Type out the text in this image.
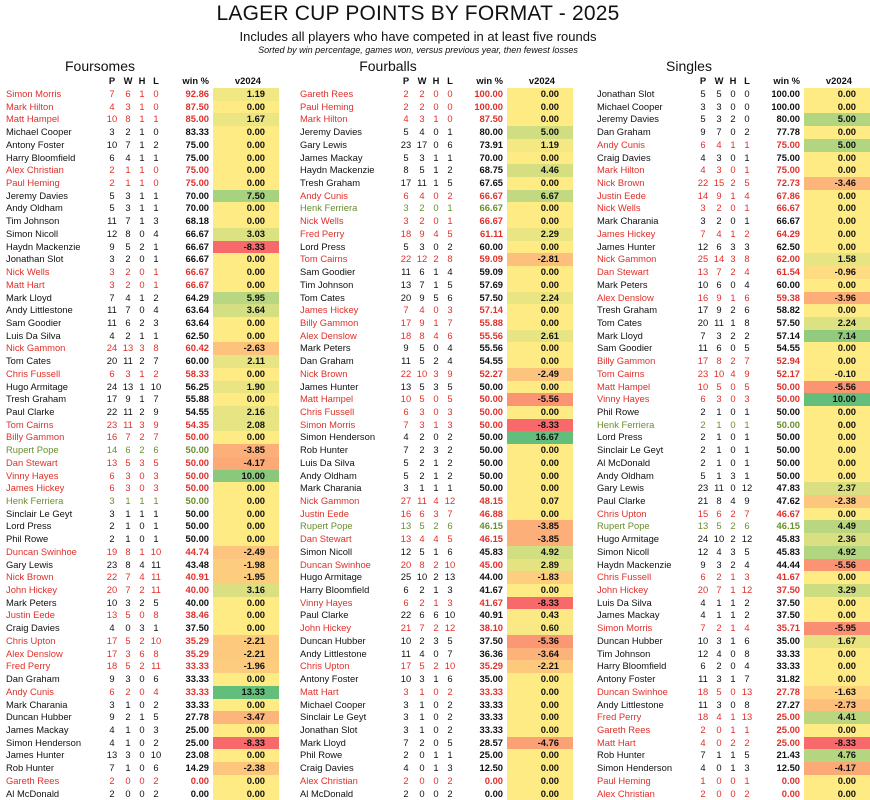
LAGER CUP POINTS BY FORMAT - 2025
Includes all players who have competed in at least five rounds
Sorted by win percentage, games won, versus previous year, then fewest losses
Foursomes	Fourballs	Singles
P W H L	win %	v2024
Simon Morris	7	6 1 0	92.86	1.19
Mark Hilton	4	3 1 0	87.50	0.00
Matt Hampel	10 8 1 1	85.00	1.67
Michael Cooper	3	2 1 0	83.33	0.00
Antony Foster	10 7 1 2	75.00	0.00
Harry Bloomfield	6	4 1 1	75.00	0.00
Alex Christian	2	1 1 0	75.00	0.00
Paul Heming	2	1 1 0	75.00	0.00
Jeremy Davies	5	3 1 1	70.00	7.50
Andy Oldham	5	3 1 1	70.00	0.00
Tim Johnson	11 7 1 3	68.18	0.00
Simon Nicoll	12 8 0 4	66.67	3.03
Haydn Mackenzie	9	5 2 1	66.67	-8.33
Jonathan Slot	3	2 0 1	66.67	0.00
Nick Wells	3	2 0 1	66.67	0.00
Matt Hart	3	2 0 1	66.67	0.00
Mark Lloyd	7	4 1 2	64.29	5.95
Andy Littlestone	11 7 0 4	63.64	3.64
Sam Goodier	11 6 2 3	63.64	0.00
Luis Da Silva	4	2 1 1	62.50	0.00
Nick Gammon	24 13 3 8	60.42	-2.63
Tom Cates	20 11 2 7	60.00	2.11
Chris Fussell	6	3 1 2	58.33	0.00
Hugo Armitage	24 13 1 10	56.25	1.90
Tresh Graham	17 9 1 7	55.88	0.00
Paul Clarke	22 11 2 9	54.55	2.16
Tom Cairns	23 11 3 9	54.35	2.08
Billy Gammon	16 7 2 7	50.00	0.00
Rupert Pope	14 6 2 6	50.00	-3.85
Dan Stewart	13 5 3 5	50.00	-4.17
Vinny Hayes	6	3 0 3	50.00	10.00
James Hickey	6	3 0 3	50.00	0.00
Henk Ferriera	3	1 1 1	50.00	0.00
Sinclair Le Geyt	3	1 1 1	50.00	0.00
Lord Press	2	1 0 1	50.00	0.00
Phil Rowe	2	1 0 1	50.00	0.00
Duncan Swinhoe	19 8 1 10	44.74	-2.49
Gary Lewis	23 8 4 11	43.48	-1.98
Nick Brown	22 7 4 11	40.91	-1.95
John Hickey	20 7 2 11	40.00	3.16
Mark Peters	10 3 2 5	40.00	0.00
Justin Eede	13 5 0 8	38.46	0.00
Craig Davies	4	0 3 1	37.50	0.00
Chris Upton	17 5 2 10	35.29	-2.21
Alex Denslow	17 3 6 8	35.29	-2.21
Fred Perry	18 5 2 11	33.33	-1.96
Dan Graham	9	3 0 6	33.33	0.00
Andy Cunis	6	2 0 4	33.33	13.33
Mark Charania	3	1 0 2	33.33	0.00
Duncan Hubber	9	2 1 5	27.78	-3.47
James Mackay	4	1 0 3	25.00	0.00
Simon Henderson	4	1 0 2	25.00	-8.33
James Hunter	13 3 0 10	23.08	0.00
Rob Hunter	7	1 0 6	14.29	-2.38
Gareth Rees	2	0 0 2	0.00	0.00
Al McDonald	2	0 0 2	0.00	0.00
P W H L	win %	v2024
Gareth Rees	2	2 0 0	100.00	0.00
Paul Heming	2	2 0 0	100.00	0.00
Mark Hilton	4	3 1 0	87.50	0.00
Jeremy Davies	5	4 0 1	80.00	5.00
Gary Lewis	23 17 0 6	73.91	1.19
James Mackay	5	3 1 1	70.00	0.00
Haydn Mackenzie	8	5 1 2	68.75	4.46
Tresh Graham	17 11 1 5	67.65	0.00
Andy Cunis	6	4 0 2	66.67	6.67
Henk Ferriera	3	2 0 1	66.67	0.00
Nick Wells	3	2 0 1	66.67	0.00
Fred Perry	18 9 4 5	61.11	2.29
Lord Press	5	3 0 2	60.00	0.00
Tom Cairns	22 12 2 8	59.09	-2.81
Sam Goodier	11 6 1 4	59.09	0.00
Tim Johnson	13 7 1 5	57.69	0.00
Tom Cates	20 9 5 6	57.50	2.24
James Hickey	7	4 0 3	57.14	0.00
Billy Gammon	17 9 1 7	55.88	0.00
Alex Denslow	18 8 4 6	55.56	2.61
Mark Peters	9	5 0 4	55.56	0.00
Dan Graham	11 5 2 4	54.55	0.00
Nick Brown	22 10 3 9	52.27	-2.49
James Hunter	13 5 3 5	50.00	0.00
Matt Hampel	10 5 0 5	50.00	-5.56
Chris Fussell	6	3 0 3	50.00	0.00
Simon Morris	7	3 1 3	50.00	-8.33
Simon Henderson	4	2 0 2	50.00	16.67
Rob Hunter	7	2 3 2	50.00	0.00
Luis Da Silva	5	2 1 2	50.00	0.00
Andy Oldham	5	2 1 2	50.00	0.00
Mark Charania	3	1 1 1	50.00	0.00
Nick Gammon	27 11 4 12	48.15	0.07
Justin Eede	16 6 3 7	46.88	0.00
Rupert Pope	13 5 2 6	46.15	-3.85
Dan Stewart	13 4 4 5	46.15	-3.85
Simon Nicoll	12 5 1 6	45.83	4.92
Duncan Swinhoe	20 8 2 10	45.00	2.89
Hugo Armitage	25 10 2 13	44.00	-1.83
Harry Bloomfield	6	2 1 3	41.67	0.00
Vinny Hayes	6	2 1 3	41.67	-8.33
Paul Clarke	22 6 6 10	40.91	0.43
John Hickey	21 7 2 12	38.10	0.60
Duncan Hubber	10 2 3 5	37.50	-5.36
Andy Littlestone	11 4 0 7	36.36	-3.64
Chris Upton	17 5 2 10	35.29	-2.21
Antony Foster	10 3 1 6	35.00	0.00
Matt Hart	3	1 0 2	33.33	0.00
Michael Cooper	3	1 0 2	33.33	0.00
Sinclair Le Geyt	3	1 0 2	33.33	0.00
Jonathan Slot	3	1 0 2	33.33	0.00
Mark Lloyd	7	2 0 5	28.57	-4.76
Phil Rowe	2	0 1 1	25.00	0.00
Craig Davies	4	0 1 3	12.50	0.00
Alex Christian	2	0 0 2	0.00	0.00
Al McDonald	2	0 0 2	0.00	0.00
P W H L	win %	v2024
Jonathan Slot	5	5 0 0	100.00	0.00
Michael Cooper	3	3 0 0	100.00	0.00
Jeremy Davies	5	3 2 0	80.00	5.00
Dan Graham	9	7 0 2	77.78	0.00
Andy Cunis	6	4 1 1	75.00	5.00
Craig Davies	4	3 0 1	75.00	0.00
Mark Hilton	4	3 0 1	75.00	0.00
Nick Brown	22 15 2 5	72.73	-3.46
Justin Eede	14 9 1 4	67.86	0.00
Nick Wells	3	2 0 1	66.67	0.00
Mark Charania	3	2 0 1	66.67	0.00
James Hickey	7	4 1 2	64.29	0.00
James Hunter	12 6 3 3	62.50	0.00
Nick Gammon	25 14 3 8	62.00	1.58
Dan Stewart	13 7 2 4	61.54	-0.96
Mark Peters	10 6 0 4	60.00	0.00
Alex Denslow	16 9 1 6	59.38	-3.96
Tresh Graham	17 9 2 6	58.82	0.00
Tom Cates	20 11 1 8	57.50	2.24
Mark Lloyd	7	3 2 2	57.14	7.14
Sam Goodier	11 6 0 5	54.55	0.00
Billy Gammon	17 8 2 7	52.94	0.00
Tom Cairns	23 10 4 9	52.17	-0.10
Matt Hampel	10 5 0 5	50.00	-5.56
Vinny Hayes	6	3 0 3	50.00	10.00
Phil Rowe	2	1 0 1	50.00	0.00
Henk Ferriera	2	1 0 1	50.00	0.00
Lord Press	2	1 0 1	50.00	0.00
Sinclair Le Geyt	2	1 0 1	50.00	0.00
Al McDonald	2	1 0 1	50.00	0.00
Andy Oldham	5	1 3 1	50.00	0.00
Gary Lewis	23 11 0 12	47.83	2.37
Paul Clarke	21 8 4 9	47.62	-2.38
Chris Upton	15 6 2 7	46.67	0.00
Rupert Pope	13 5 2 6	46.15	4.49
Hugo Armitage	24 10 2 12	45.83	2.36
Simon Nicoll	12 4 3 5	45.83	4.92
Haydn Mackenzie	9	3 2 4	44.44	-5.56
Chris Fussell	6	2 1 3	41.67	0.00
John Hickey	20 7 1 12	37.50	3.29
Luis Da Silva	4	1 1 2	37.50	0.00
James Mackay	4	1 1 2	37.50	0.00
Simon Morris	7	2 1 4	35.71	-5.95
Duncan Hubber	10 3 1 6	35.00	1.67
Tim Johnson	12 4 0 8	33.33	0.00
Harry Bloomfield	6	2 0 4	33.33	0.00
Antony Foster	11 3 1 7	31.82	0.00
Duncan Swinhoe	18 5 0 13	27.78	-1.63
Andy Littlestone	11 3 0 8	27.27	-2.73
Fred Perry	18 4 1 13	25.00	4.41
Gareth Rees	2	0 1 1	25.00	0.00
Matt Hart	4	0 2 2	25.00	-8.33
Rob Hunter	7	1 1 5	21.43	4.76
Simon Henderson	4	0 1 3	12.50	-4.17
Paul Heming	1	0 0 1	0.00	0.00
Alex Christian	2	0 0 2	0.00	0.00
